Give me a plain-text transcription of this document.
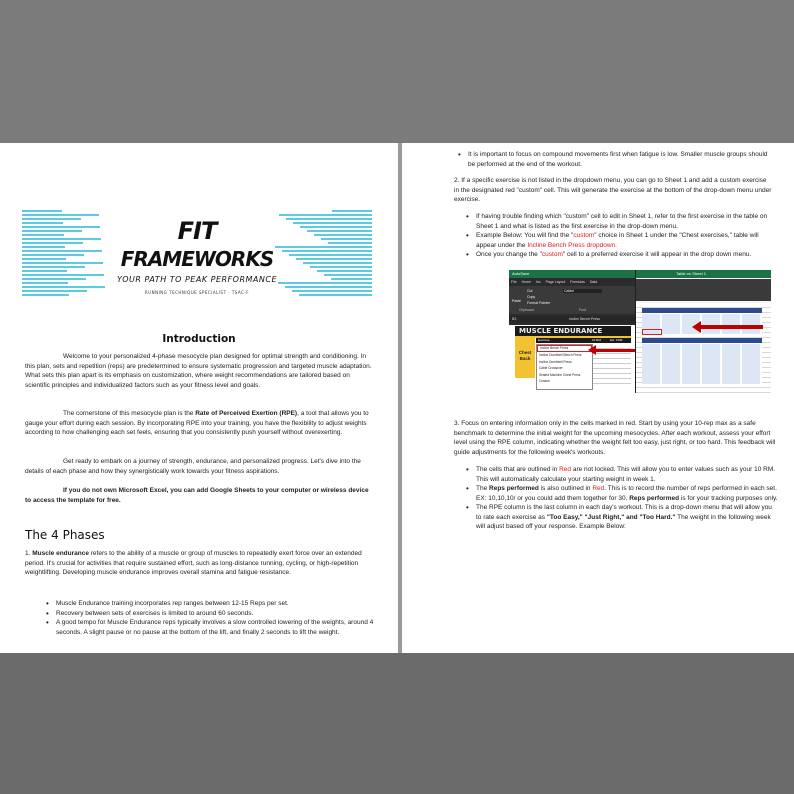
FIT
FRAMEWORKS
YOUR PATH TO PEAK PERFORMANCE
RUNNING TECHNIQUE SPECIALIST · TSAC-F
Introduction
Welcome to your personalized 4-phase mesocycle plan designed for optimal strength and conditioning. In this plan, sets and repetition (reps) are predetermined to ensure systematic progression and targeted muscle adaptation. What sets this plan apart is its emphasis on customization, where weight recommendations are tailored based on scientific principles and individualized factors such as your fitness level and goals.
The cornerstone of this mesocycle plan is the Rate of Perceived Exertion (RPE), a tool that allows you to gauge your effort during each session. By incorporating RPE into your training, you have the flexibility to adjust weights according to how challenging each set feels, ensuring that you consistently push yourself without overexerting.
Get ready to embark on a journey of strength, endurance, and personalized progress. Let's dive into the details of each phase and how they synergistically work towards your fitness aspirations.
If you do not own Microsoft Excel, you can add Google Sheets to your computer or wireless device to access the template for free.
The 4 Phases
1. Muscle endurance refers to the ability of a muscle or group of muscles to repeatedly exert force over an extended period. It's crucial for activities that require sustained effort, such as long-distance running, cycling, or high-repetition weightlifting. Developing muscle endurance improves overall stamina and fatigue resistance.
• Muscle Endurance training incorporates rep ranges between 12-15 Reps per set.
• Recovery between sets of exercises is limited to around 60 seconds.
• A good tempo for Muscle Endurance reps typically involves a slow controlled lowering of the weights, around 4 seconds. A slight pause or no pause at the bottom of the lift, and finally 2 seconds to lift the weight.
• It is important to focus on compound movements first when fatigue is low. Smaller muscle groups should be performed at the end of the workout.
2. If a specific exercise is not listed in the dropdown menu, you can go to Sheet 1 and add a custom exercise in the designated red "custom" cell. This will generate the exercise at the bottom of the drop-down menu under exercise.
• If having trouble finding which "custom" cell to edit in Sheet 1, refer to the first exercise in the table on Sheet 1 and what is listed as the first exercise in the drop-down menu.
• Example Below: You will find the "custom" choice in Sheet 1 under the "Chest exercises," table will appear under the Incline Bench Press dropdown.
• Once you change the "custom" cell to a preferred exercise it will appear in the drop down menu.
AutoSave
File Home Ins Page Layout Formulas Data
Paste
Cut
Copy
Format Painter
Clipboard
Calibri
Font
B3	Incline Bench Press
MUSCLE ENDURANCE
Chest Back
Exercise	10 RM	Est. 1RM
Incline Bench Press
Incline Dumbbell Bench Press
Incline Dumbbell Press
Cable Crossover
Seated Machine Chest Press
Custom
Table on Sheet 1
3. Focus on entering information only in the cells marked in red. Start by using your 10-rep max as a safe benchmark to determine the initial weight for the upcoming mesocycles. After each workout, assess your effort level using the RPE column, indicating whether the weight felt too easy, just right, or too hard. This feedback will guide adjustments for the following week's workouts.
• The cells that are outlined in Red are not locked. This will allow you to enter values such as your 10 RM. This will automatically calculate your starting weight in week 1.
• The Reps performed is also outlined in Red. This is to record the number of reps performed in each set. EX: 10,10,10/ or you could add them together for 30. Reps performed is for your tracking purposes only.
• The RPE column is the last column in each day's workout. This is a drop-down menu that will allow you to rate each exercise as "Too Easy," "Just Right," and "Too Hard." The weight in the following week will adjust based off your response. Example Below:
